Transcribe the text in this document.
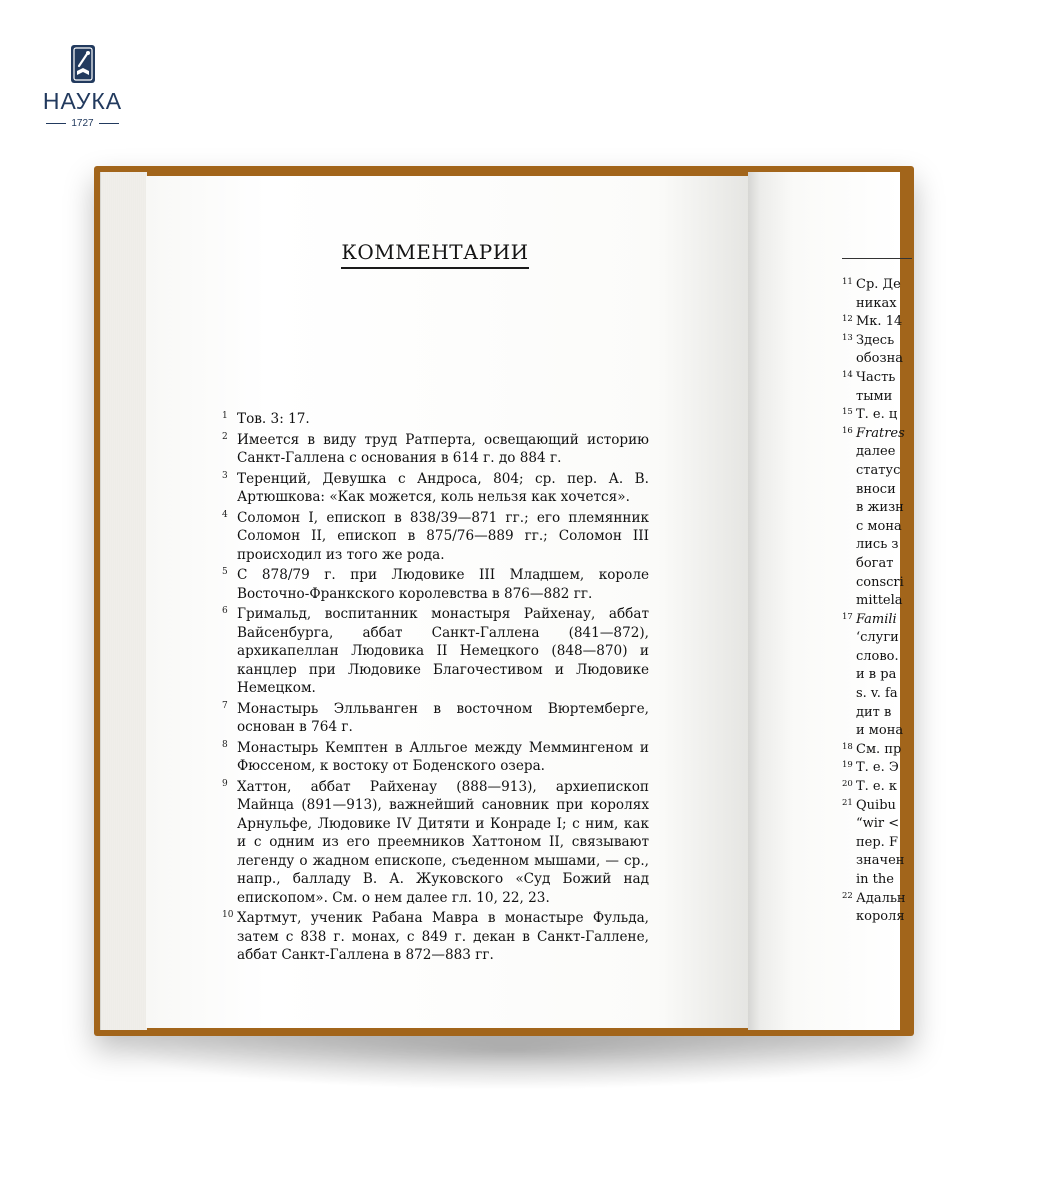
НАУКА
1727
11 Ср. Дe
никах
12 Мк. 14
13 Здесь
обозна
14 Часть
тыми
15 Т. е. ц
16 Fratres
далее
статус
вноси
в жизн
с мона
лись з
богат
conscri
mittela
17 Famili
‘слуги
слово.
и в ра
s. v. fa
дит в
и мона
18 См. пр
19 Т. е. Э
20 Т. е. к
21 Quibu
“wir <
пер. F
значен
in the
22 Адальн
короля
КОММЕНТАРИИ
1 Тов. 3: 17.
2 Имеется в виду труд Ратперта, освещающий историю Санкт-Галлена с основания в 614 г. до 884 г.
3 Теренций, Девушка с Андроса, 804; ср. пер. А. В. Артюшкова: «Как можется, коль нельзя как хочется».
4 Соломон I, епископ в 838/39—871 гг.; его племянник Соломон II, епископ в 875/76—889 гг.; Соломон III происходил из того же рода.
5 С 878/79 г. при Людовике III Младшем, короле Восточно-Франкского королевства в 876—882 гг.
6 Гримальд, воспитанник монастыря Райхенау, аббат Вайсенбурга, аббат Санкт-Галлена (841—872), архикапеллан Людовика II Немецкого (848—870) и канцлер при Людовике Благочестивом и Людовике Немецком.
7 Монастырь Элльванген в восточном Вюртемберге, основан в 764 г.
8 Монастырь Кемптен в Алльгое между Меммингеном и Фюссеном, к востоку от Боденского озера.
9 Хаттон, аббат Райхенау (888—913), архиепископ Майнца (891—913), важнейший сановник при королях Арнульфе, Людовике IV Дитяти и Конраде I; с ним, как и с одним из его преемников Хаттоном II, связывают легенду о жадном епископе, съеденном мышами, — ср., напр., балладу В. А. Жуковского «Суд Божий над епископом». См. о нем далее гл. 10, 22, 23.
10 Хартмут, ученик Рабана Мавра в монастыре Фульда, затем с 838 г. монах, с 849 г. декан в Санкт-Галлене, аббат Санкт-Галлена в 872—883 гг.
